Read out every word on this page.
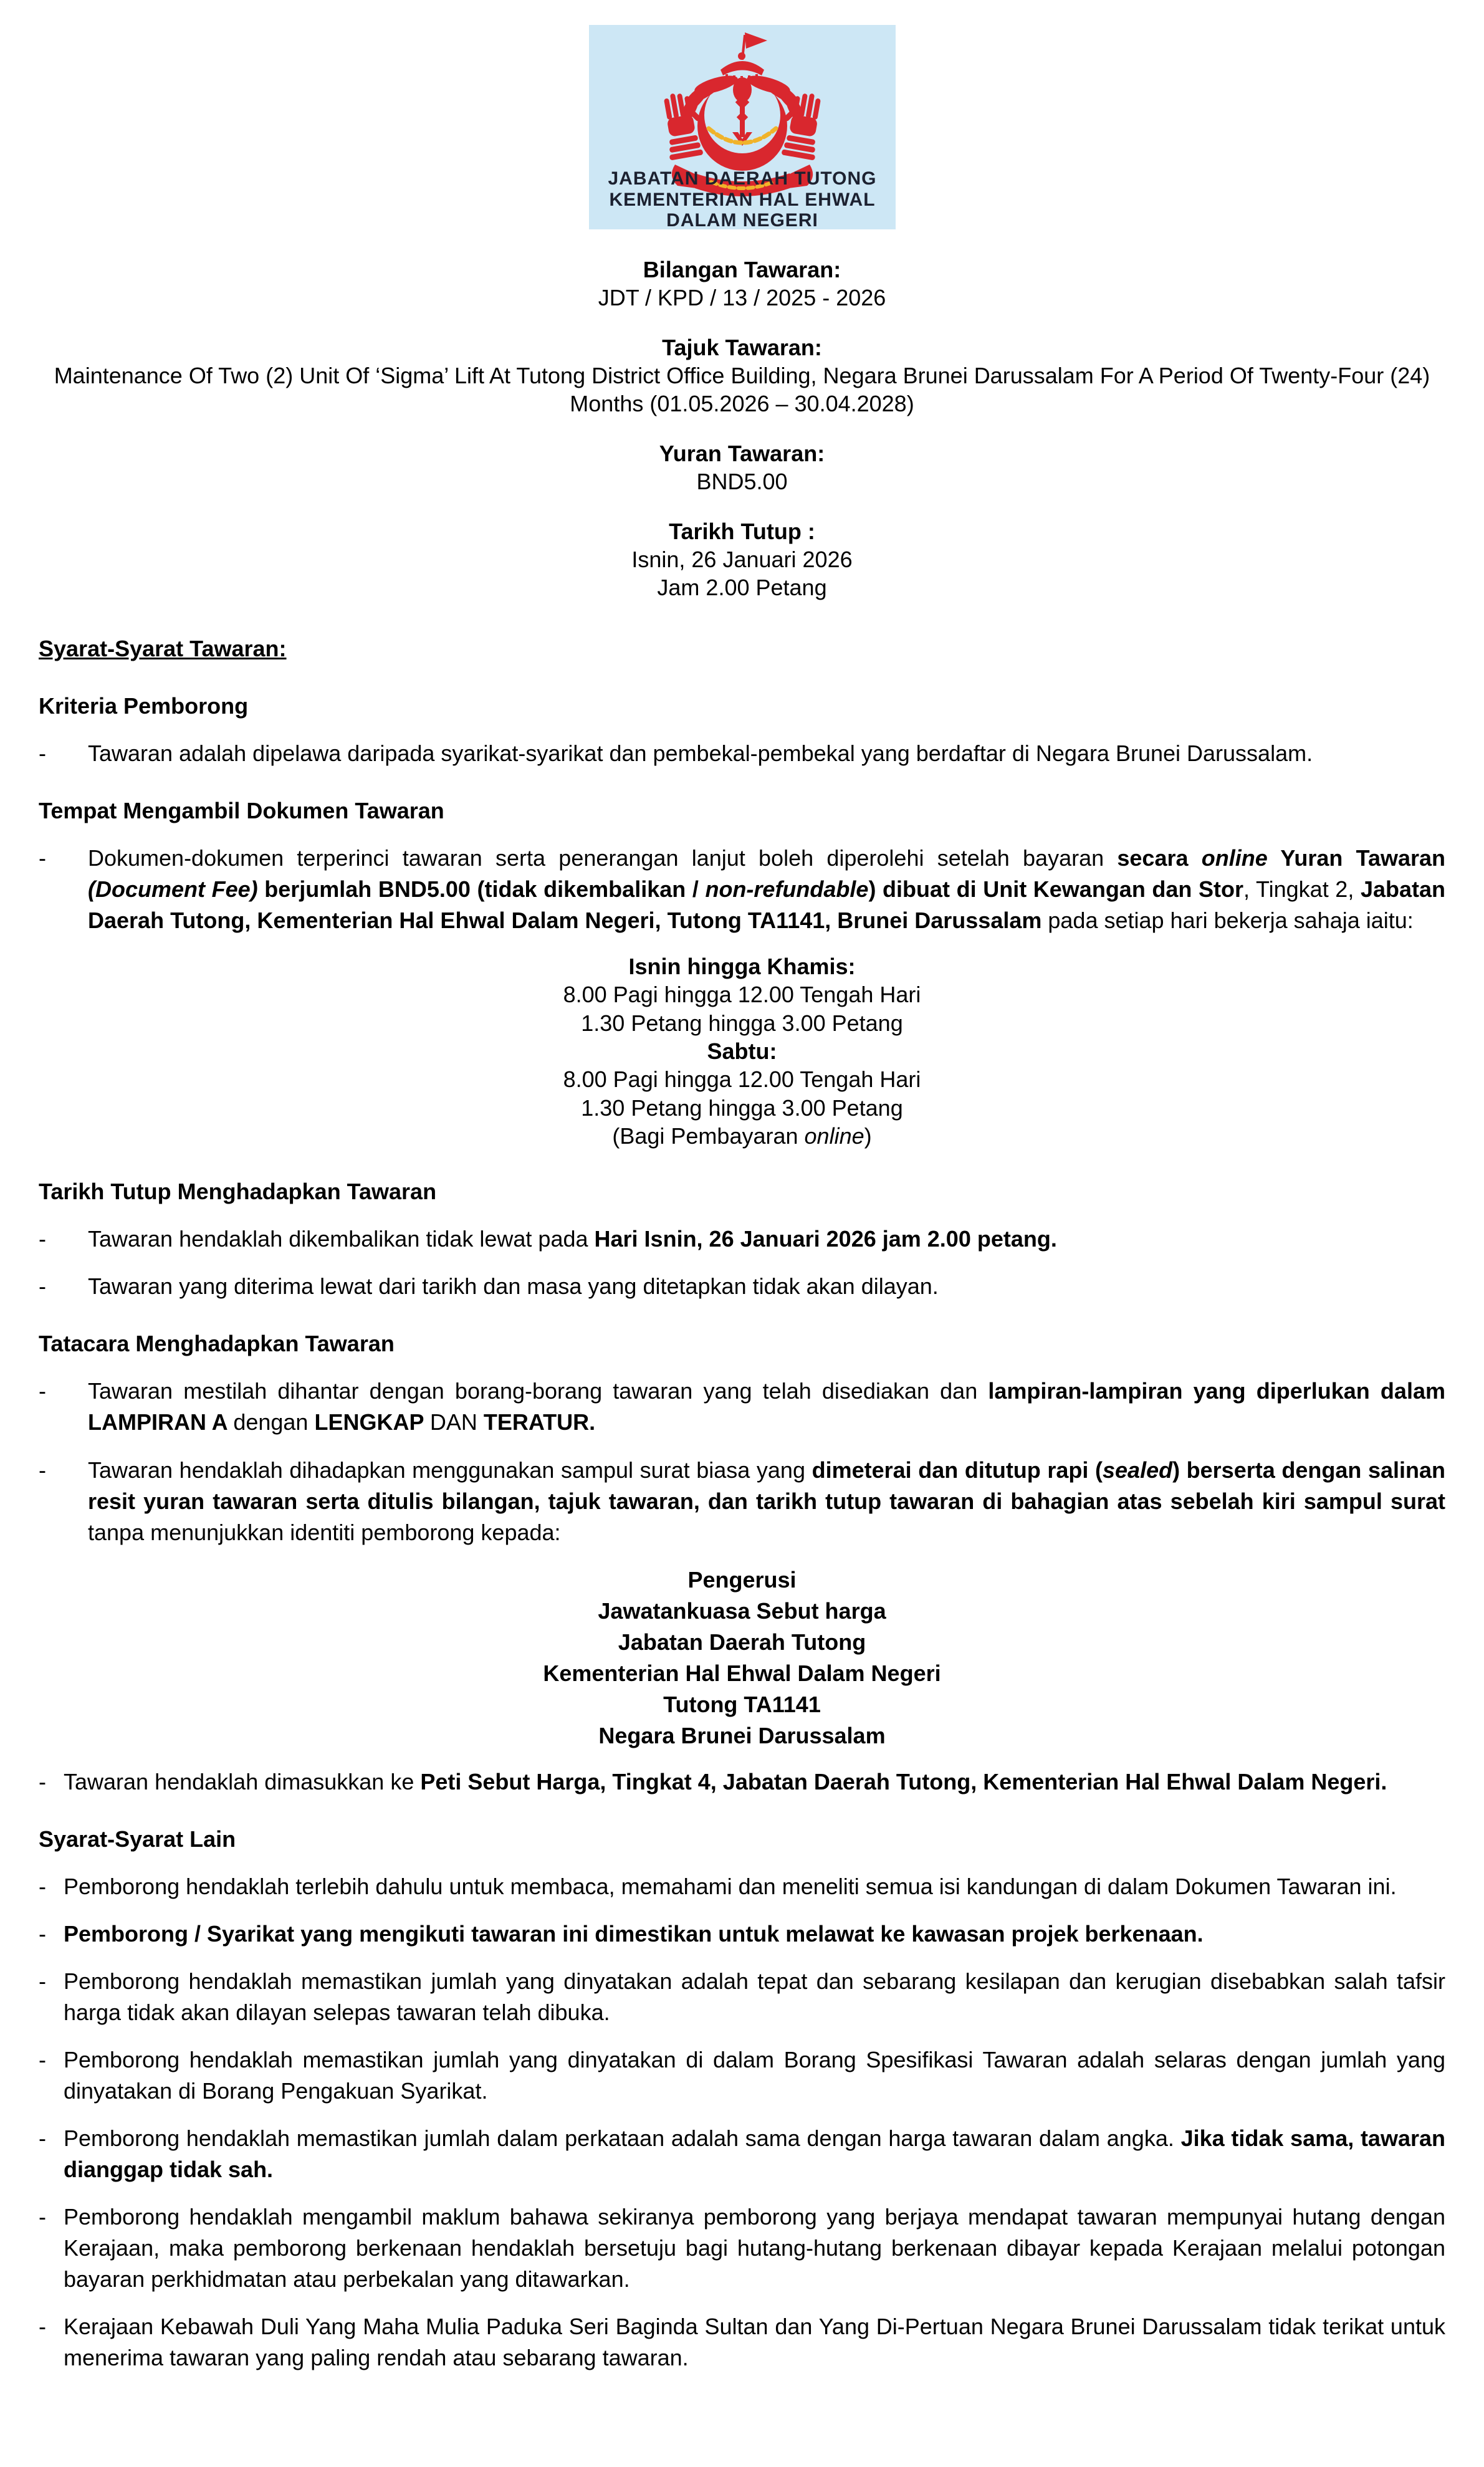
JABATAN DAERAH TUTONG
KEMENTERIAN HAL EHWAL
DALAM NEGERI

Bilangan Tawaran:

JDT / KPD / 13 / 2025 - 2026

Tajuk Tawaran:

Maintenance Of Two (2) Unit Of ‘Sigma’ Lift At Tutong District Office Building, Negara Brunei Darussalam For A Period Of Twenty-Four (24) Months (01.05.2026 – 30.04.2028)

Yuran Tawaran:

BND5.00

Tarikh Tutup :

Isnin, 26 Januari 2026

Jam 2.00 Petang

Syarat-Syarat Tawaran:
Kriteria Pemborong
-	Tawaran adalah dipelawa daripada syarikat-syarikat dan pembekal-pembekal yang berdaftar di Negara Brunei Darussalam.
Tempat Mengambil Dokumen Tawaran
-	Dokumen-dokumen terperinci tawaran serta penerangan lanjut boleh diperolehi setelah bayaran secara online Yuran Tawaran (Document Fee) berjumlah BND5.00 (tidak dikembalikan / non-refundable) dibuat di Unit Kewangan dan Stor, Tingkat 2, Jabatan Daerah Tutong, Kementerian Hal Ehwal Dalam Negeri, Tutong TA1141, Brunei Darussalam pada setiap hari bekerja sahaja iaitu:

Isnin hingga Khamis:

8.00 Pagi hingga 12.00 Tengah Hari

1.30 Petang hingga 3.00 Petang

Sabtu:

8.00 Pagi hingga 12.00 Tengah Hari

1.30 Petang hingga 3.00 Petang

(Bagi Pembayaran online)

Tarikh Tutup Menghadapkan Tawaran
-	Tawaran hendaklah dikembalikan tidak lewat pada Hari Isnin, 26 Januari 2026 jam 2.00 petang.
-	Tawaran yang diterima lewat dari tarikh dan masa yang ditetapkan tidak akan dilayan.
Tatacara Menghadapkan Tawaran
-	Tawaran mestilah dihantar dengan borang-borang tawaran yang telah disediakan dan lampiran-lampiran yang diperlukan dalam LAMPIRAN A dengan LENGKAP DAN TERATUR.
-	Tawaran hendaklah dihadapkan menggunakan sampul surat biasa yang dimeterai dan ditutup rapi (sealed) berserta dengan salinan resit yuran tawaran serta ditulis bilangan, tajuk tawaran, dan tarikh tutup tawaran di bahagian atas sebelah kiri sampul surat tanpa menunjukkan identiti pemborong kepada:

Pengerusi

Jawatankuasa Sebut harga

Jabatan Daerah Tutong

Kementerian Hal Ehwal Dalam Negeri

Tutong TA1141

Negara Brunei Darussalam

- Tawaran hendaklah dimasukkan ke Peti Sebut Harga, Tingkat 4, Jabatan Daerah Tutong, Kementerian Hal Ehwal Dalam Negeri.
Syarat-Syarat Lain
- Pemborong hendaklah terlebih dahulu untuk membaca, memahami dan meneliti semua isi kandungan di dalam Dokumen Tawaran ini.
- Pemborong / Syarikat yang mengikuti tawaran ini dimestikan untuk melawat ke kawasan projek berkenaan.
- Pemborong hendaklah memastikan jumlah yang dinyatakan adalah tepat dan sebarang kesilapan dan kerugian disebabkan salah tafsir harga tidak akan dilayan selepas tawaran telah dibuka.
- Pemborong hendaklah memastikan jumlah yang dinyatakan di dalam Borang Spesifikasi Tawaran adalah selaras dengan jumlah yang dinyatakan di Borang Pengakuan Syarikat.
- Pemborong hendaklah memastikan jumlah dalam perkataan adalah sama dengan harga tawaran dalam angka. Jika tidak sama, tawaran dianggap tidak sah.
- Pemborong hendaklah mengambil maklum bahawa sekiranya pemborong yang berjaya mendapat tawaran mempunyai hutang dengan Kerajaan, maka pemborong berkenaan hendaklah bersetuju bagi hutang-hutang berkenaan dibayar kepada Kerajaan melalui potongan bayaran perkhidmatan atau perbekalan yang ditawarkan.
- Kerajaan Kebawah Duli Yang Maha Mulia Paduka Seri Baginda Sultan dan Yang Di-Pertuan Negara Brunei Darussalam tidak terikat untuk menerima tawaran yang paling rendah atau sebarang tawaran.
